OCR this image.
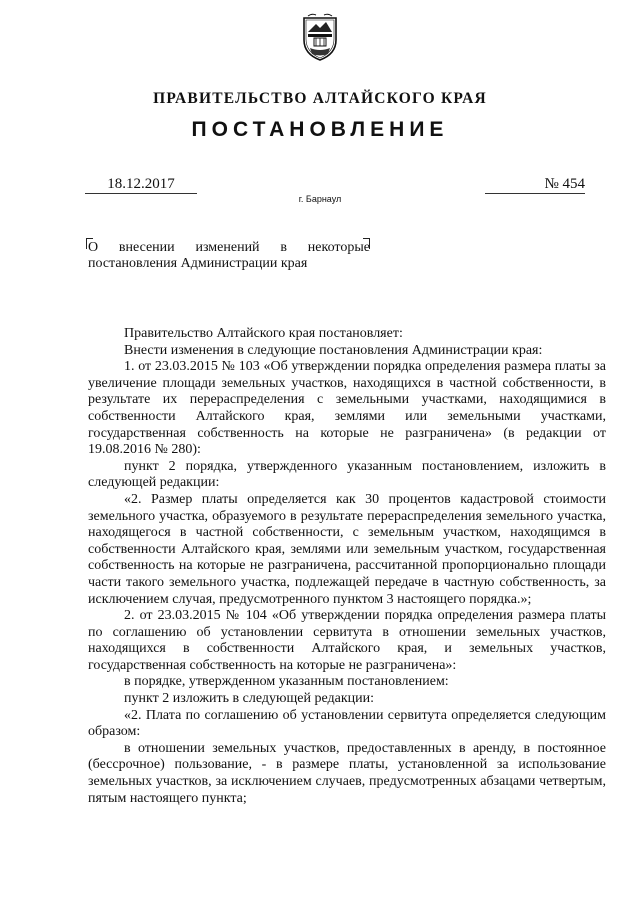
ПРАВИТЕЛЬСТВО АЛТАЙСКОГО КРАЯ
ПОСТАНОВЛЕНИЕ
18.12.2017	№ 454
г. Барнаул
О внесении изменений в некоторые
постановления Администрации края

Правительство Алтайского края постановляет:

Внести изменения в следующие постановления Администрации края:

1. от 23.03.2015 № 103 «Об утверждении порядка определения размера платы за увеличение площади земельных участков, находящихся в частной собственности, в результате их перераспределения с земельными участками, находящимися в собственности Алтайского края, землями или земельными участками, государственная собственность на которые не разграничена» (в редакции от 19.08.2016 № 280):

пункт 2 порядка, утвержденного указанным постановлением, изложить в следующей редакции:

«2. Размер платы определяется как 30 процентов кадастровой стоимости земельного участка, образуемого в результате перераспределения земельного участка, находящегося в частной собственности, с земельным участком, находящимся в собственности Алтайского края, землями или земельным участком, государственная собственность на которые не разграничена, рассчитанной пропорционально площади части такого земельного участка, подлежащей передаче в частную собственность, за исключением случая, предусмотренного пунктом 3 настоящего порядка.»;

2. от 23.03.2015 № 104 «Об утверждении порядка определения размера платы по соглашению об установлении сервитута в отношении земельных участков, находящихся в собственности Алтайского края, и земельных участков, государственная собственность на которые не разграничена»:

в порядке, утвержденном указанным постановлением:

пункт 2 изложить в следующей редакции:

«2. Плата по соглашению об установлении сервитута определяется следующим образом:

в отношении земельных участков, предоставленных в аренду, в постоянное (бессрочное) пользование, - в размере платы, установленной за использование земельных участков, за исключением случаев, предусмотренных абзацами четвертым, пятым настоящего пункта;
